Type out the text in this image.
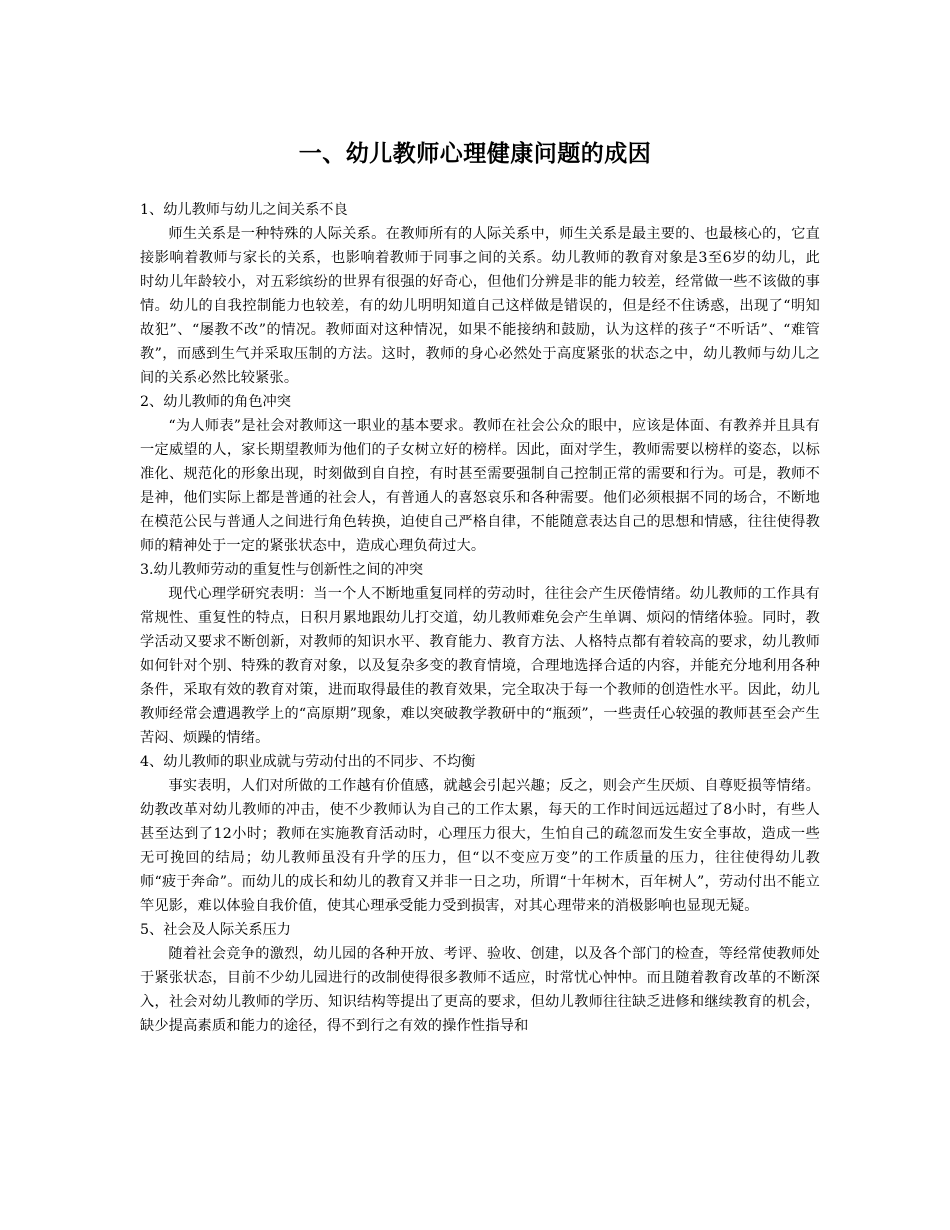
一、幼儿教师心理健康问题的成因
1、幼儿教师与幼儿之间关系不良
师生关系是一种特殊的人际关系。在教师所有的人际关系中，师生关系是最主要的、也最核心的，它直接影响着教师与家长的关系，也影响着教师于同事之间的关系。幼儿教师的教育对象是3至6岁的幼儿，此时幼儿年龄较小，对五彩缤纷的世界有很强的好奇心，但他们分辨是非的能力较差，经常做一些不该做的事情。幼儿的自我控制能力也较差，有的幼儿明明知道自己这样做是错误的，但是经不住诱惑，出现了“明知故犯”、“屡教不改”的情况。教师面对这种情况，如果不能接纳和鼓励，认为这样的孩子“不听话”、“难管教”，而感到生气并采取压制的方法。这时，教师的身心必然处于高度紧张的状态之中，幼儿教师与幼儿之间的关系必然比较紧张。
2、幼儿教师的角色冲突
“为人师表”是社会对教师这一职业的基本要求。教师在社会公众的眼中，应该是体面、有教养并且具有一定威望的人，家长期望教师为他们的子女树立好的榜样。因此，面对学生，教师需要以榜样的姿态，以标准化、规范化的形象出现，时刻做到自自控，有时甚至需要强制自己控制正常的需要和行为。可是，教师不是神，他们实际上都是普通的社会人，有普通人的喜怒哀乐和各种需要。他们必须根据不同的场合，不断地在模范公民与普通人之间进行角色转换，迫使自己严格自律，不能随意表达自己的思想和情感，往往使得教师的精神处于一定的紧张状态中，造成心理负荷过大。
3.幼儿教师劳动的重复性与创新性之间的冲突
现代心理学研究表明：当一个人不断地重复同样的劳动时，往往会产生厌倦情绪。幼儿教师的工作具有常规性、重复性的特点，日积月累地跟幼儿打交道，幼儿教师难免会产生单调、烦闷的情绪体验。同时，教学活动又要求不断创新，对教师的知识水平、教育能力、教育方法、人格特点都有着较高的要求，幼儿教师如何针对个别、特殊的教育对象，以及复杂多变的教育情境，合理地选择合适的内容，并能充分地利用各种条件，采取有效的教育对策，进而取得最佳的教育效果，完全取决于每一个教师的创造性水平。因此，幼儿教师经常会遭遇教学上的“高原期”现象，难以突破教学教研中的“瓶颈”，一些责任心较强的教师甚至会产生苦闷、烦躁的情绪。
4、幼儿教师的职业成就与劳动付出的不同步、不均衡
事实表明，人们对所做的工作越有价值感，就越会引起兴趣；反之，则会产生厌烦、自尊贬损等情绪。幼教改革对幼儿教师的冲击，使不少教师认为自己的工作太累，每天的工作时间远远超过了8小时，有些人甚至达到了12小时；教师在实施教育活动时，心理压力很大，生怕自己的疏忽而发生安全事故，造成一些无可挽回的结局；幼儿教师虽没有升学的压力，但“以不变应万变”的工作质量的压力，往往使得幼儿教师“疲于奔命”。而幼儿的成长和幼儿的教育又并非一日之功，所谓“十年树木，百年树人”，劳动付出不能立竿见影，难以体验自我价值，使其心理承受能力受到损害，对其心理带来的消极影响也显现无疑。
5、社会及人际关系压力
随着社会竞争的激烈，幼儿园的各种开放、考评、验收、创建，以及各个部门的检查，等经常使教师处于紧张状态，目前不少幼儿园进行的改制使得很多教师不适应，时常忧心忡忡。而且随着教育改革的不断深入，社会对幼儿教师的学历、知识结构等提出了更高的要求，但幼儿教师往往缺乏进修和继续教育的机会，缺少提高素质和能力的途径，得不到行之有效的操作性指导和
